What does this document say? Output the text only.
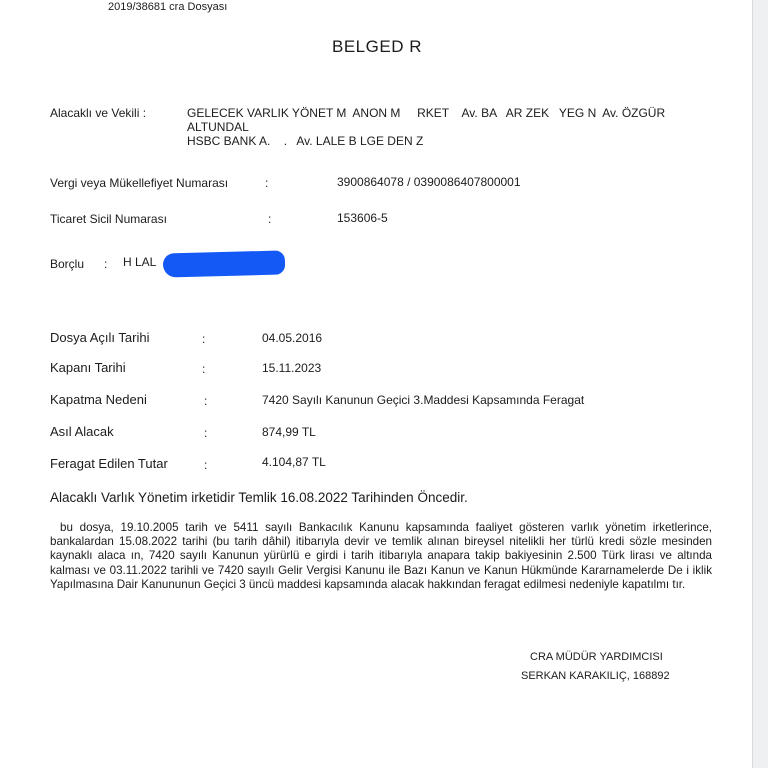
2019/38681 cra Dosyası
BELGED R
Alacaklı ve Vekili :	GELECEK VARLIK YÖNET M  ANON M     RKET    Av. BA   AR ZEK   YEG N  Av. ÖZGÜR
ALTUNDAL
HSBC BANK A.    .   Av. LALE B LGE DEN Z
Vergi veya Mükellefiyet Numarası	:	3900864078 / 0390086407800001
Ticaret Sicil Numarası	:	153606-5
Borçlu : H LAL
Dosya Açılı Tarihi	:	04.05.2016
Kapanı Tarihi	:	15.11.2023
Kapatma Nedeni	:	7420 Sayılı Kanunun Geçici 3.Maddesi Kapsamında Feragat
Asıl Alacak	:	874,99 TL
Feragat Edilen Tutar	:	4.104,87 TL
Alacaklı Varlık Yönetim irketidir Temlik 16.08.2022 Tarihinden Öncedir.
bu dosya, 19.10.2005 tarih ve 5411 sayılı Bankacılık Kanunu kapsamında faaliyet gösteren varlık yönetim irketlerince, bankalardan 15.08.2022 tarihi (bu tarih dâhil) itibarıyla devir ve temlik alınan bireysel nitelikli her türlü kredi sözle mesinden kaynaklı alaca ın, 7420 sayılı Kanunun yürürlü e girdi i tarih itibarıyla anapara takip bakiyesinin 2.500 Türk lirası ve altında kalması ve 03.11.2022 tarihli ve 7420 sayılı Gelir Vergisi Kanunu ile Bazı Kanun ve Kanun Hükmünde Kararnamelerde De i iklik Yapılmasına Dair Kanununun Geçici 3 üncü maddesi kapsamında alacak hakkından feragat edilmesi nedeniyle kapatılmı tır.
CRA MÜDÜR YARDIMCISI
SERKAN KARAKILIÇ, 168892
